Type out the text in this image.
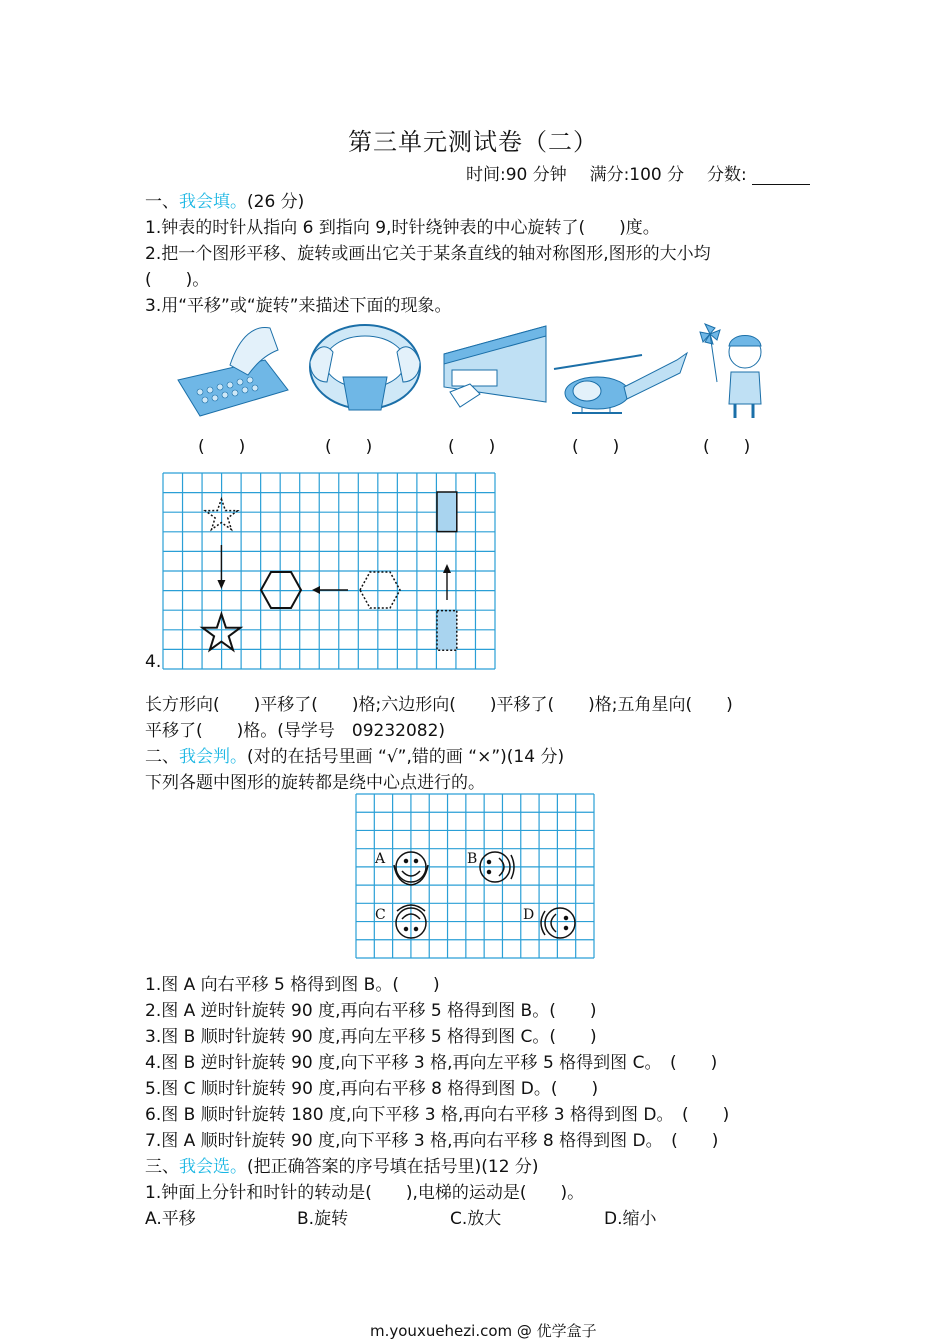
第三单元测试卷（二）
时间:90 分钟 满分:100 分 分数:
一、我会填。(26 分)
1.钟表的时针从指向 6 到指向 9,时针绕钟表的中心旋转了(　　)度。
2.把一个图形平移、旋转或画出它关于某条直线的轴对称图形,图形的大小均
(　　)。
3.用“平移”或“旋转”来描述下面的现象。
(　　)	(　　)	(　　)	(　　)	(　　)
4.
长方形向(　　)平移了(　　)格;六边形向(　　)平移了(　　)格;五角星向(　　)
平移了(　　)格。(导学号　09232082)
二、我会判。(对的在括号里画 “√”,错的画 “×”)(14 分)
下列各题中图形的旋转都是绕中心点进行的。
A	B
C	D
1.图 A 向右平移 5 格得到图 B。(　　)
2.图 A 逆时针旋转 90 度,再向右平移 5 格得到图 B。(　　)
3.图 B 顺时针旋转 90 度,再向左平移 5 格得到图 C。(　　)
4.图 B 逆时针旋转 90 度,向下平移 3 格,再向左平移 5 格得到图 C。　(　　)
5.图 C 顺时针旋转 90 度,再向右平移 8 格得到图 D。(　　)
6.图 B 顺时针旋转 180 度,向下平移 3 格,再向右平移 3 格得到图 D。　(　　)
7.图 A 顺时针旋转 90 度,向下平移 3 格,再向右平移 8 格得到图 D。　(　　)
三、我会选。(把正确答案的序号填在括号里)(12 分)
1.钟面上分针和时针的转动是(　　),电梯的运动是(　　)。
A.平移	B.旋转	C.放大	D.缩小
m.youxuehezi.com @ 优学盒子
